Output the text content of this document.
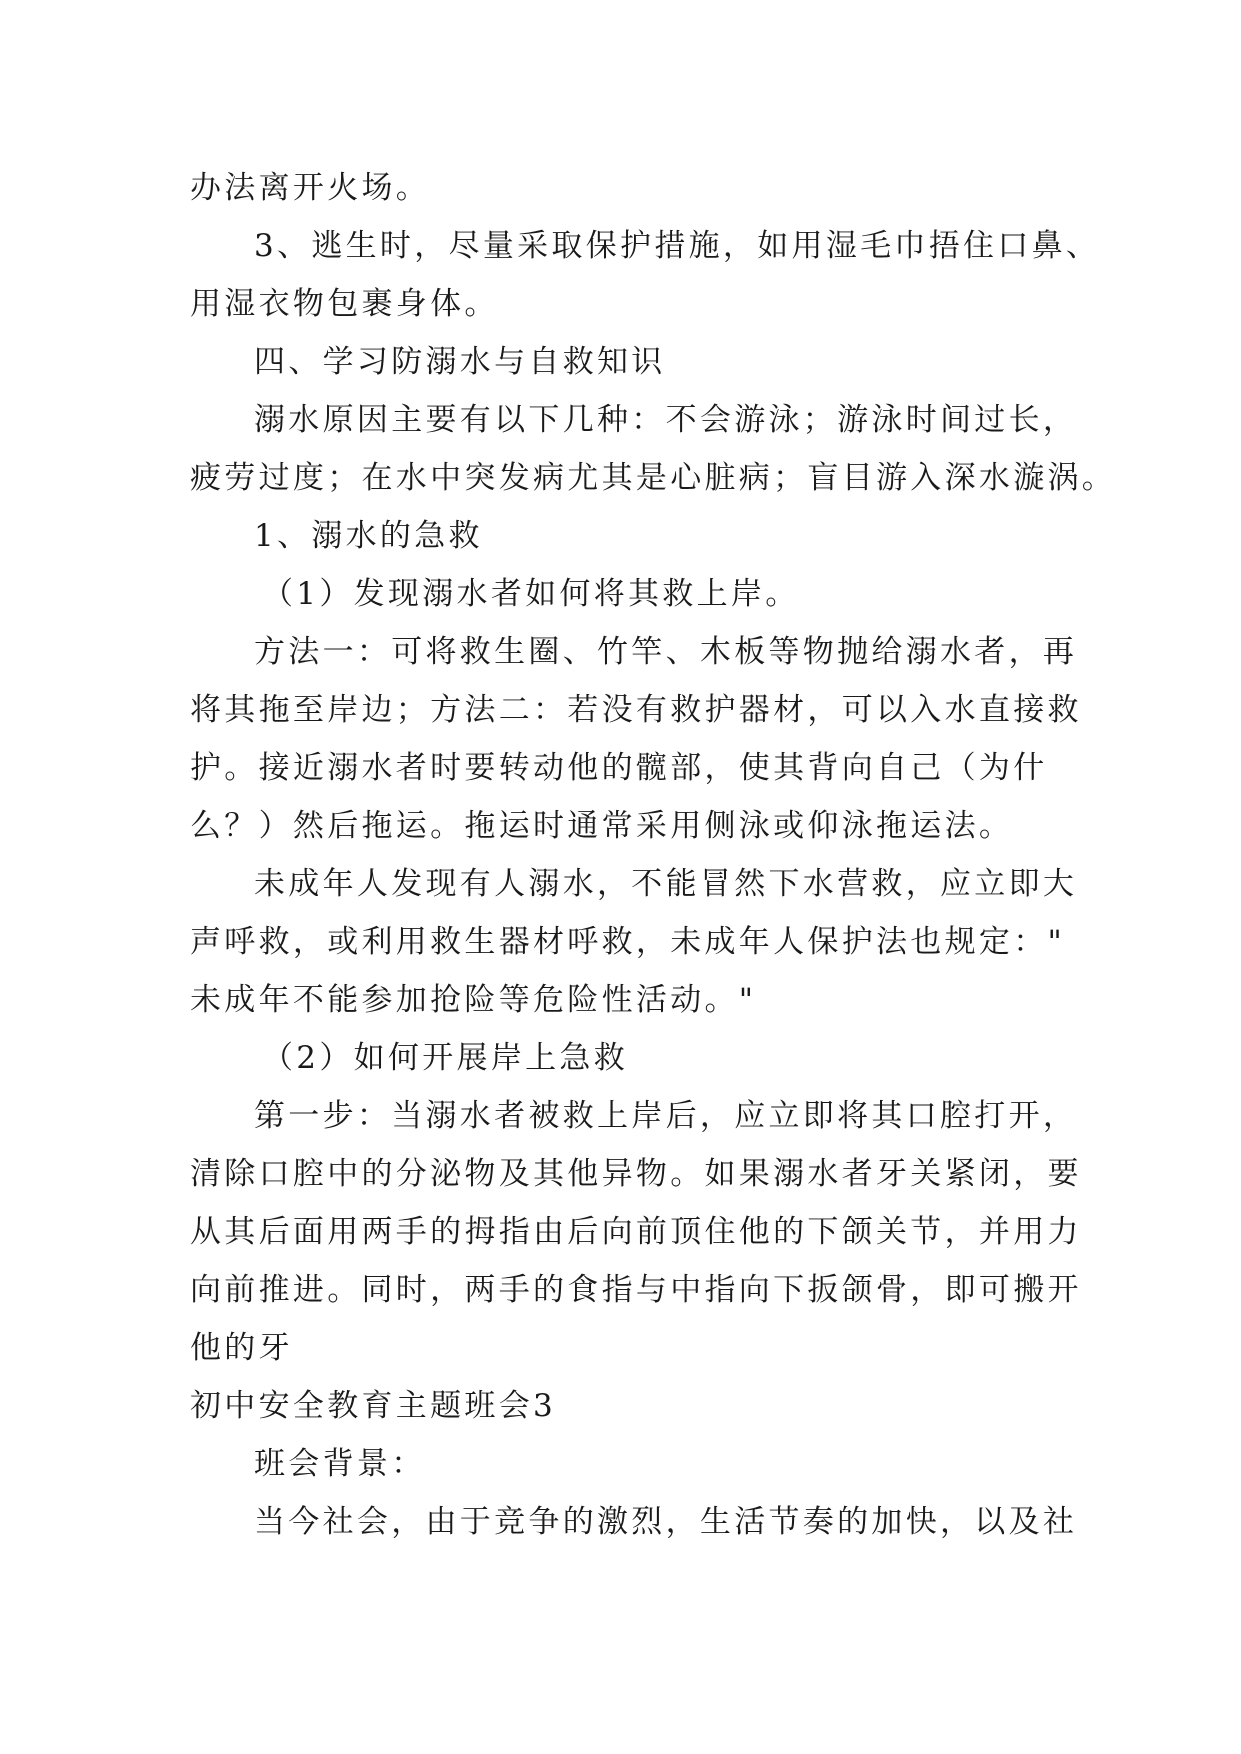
办法离开火场。
3、逃生时，尽量采取保护措施，如用湿毛巾捂住口鼻、
用湿衣物包裹身体。
四、学习防溺水与自救知识
溺水原因主要有以下几种：不会游泳；游泳时间过长，
疲劳过度；在水中突发病尤其是心脏病；盲目游入深水漩涡。
1、溺水的急救
（1）发现溺水者如何将其救上岸。
方法一：可将救生圈、竹竿、木板等物抛给溺水者，再
将其拖至岸边；方法二：若没有救护器材，可以入水直接救
护。接近溺水者时要转动他的髋部，使其背向自己（为什
么？）然后拖运。拖运时通常采用侧泳或仰泳拖运法。
未成年人发现有人溺水，不能冒然下水营救，应立即大
声呼救，或利用救生器材呼救，未成年人保护法也规定："
未成年不能参加抢险等危险性活动。"
（2）如何开展岸上急救
第一步：当溺水者被救上岸后，应立即将其口腔打开，
清除口腔中的分泌物及其他异物。如果溺水者牙关紧闭，要
从其后面用两手的拇指由后向前顶住他的下颌关节，并用力
向前推进。同时，两手的食指与中指向下扳颌骨，即可搬开
他的牙
初中安全教育主题班会3
班会背景：
当今社会，由于竞争的激烈，生活节奏的加快，以及社
